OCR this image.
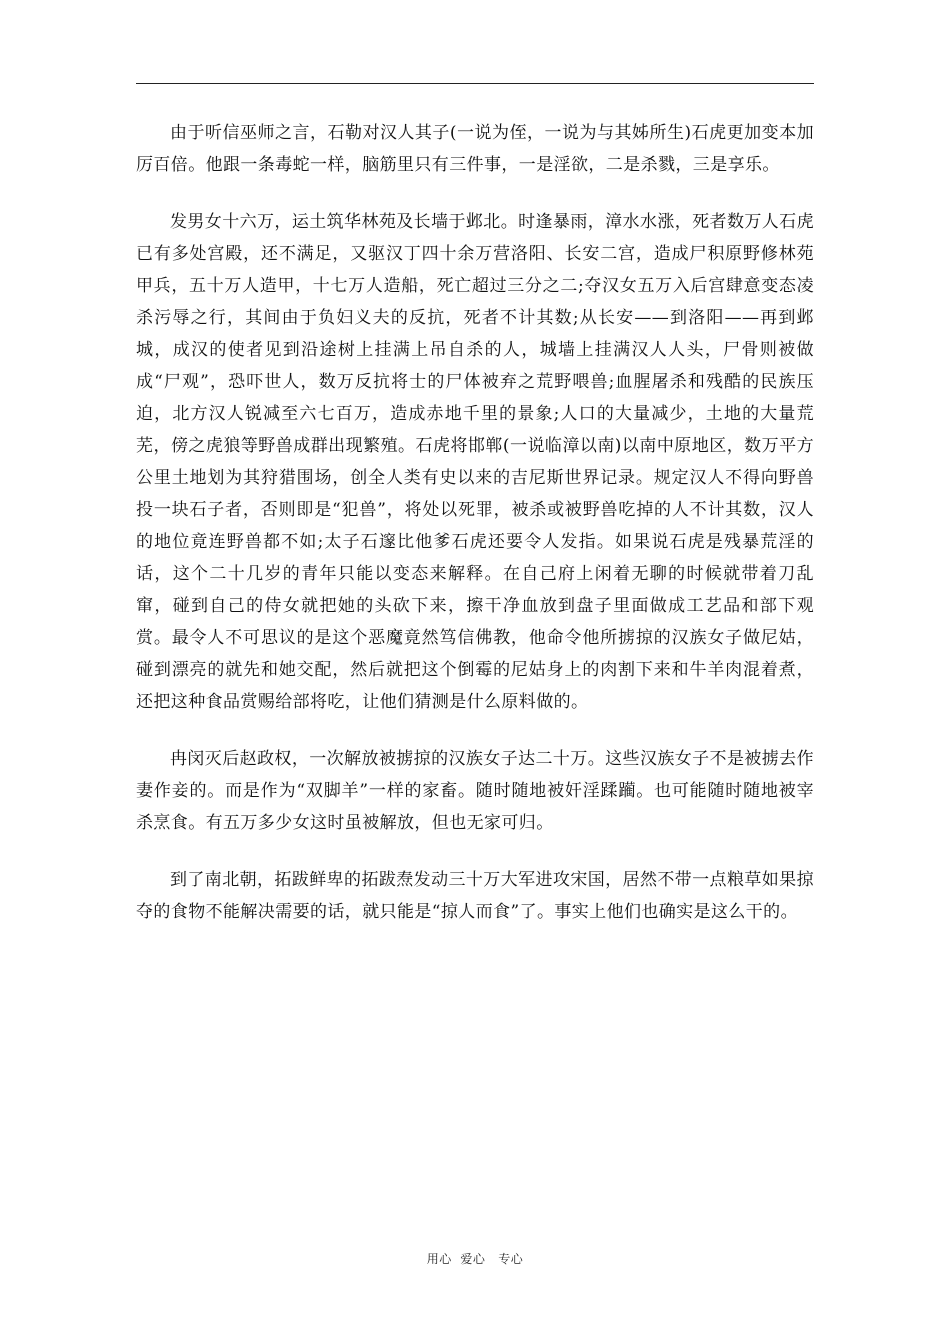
由于听信巫师之言，石勒对汉人其子(一说为侄，一说为与其姊所生)石虎更加变本加厉百倍。他跟一条毒蛇一样，脑筋里只有三件事，一是淫欲，二是杀戮，三是享乐。

发男女十六万，运土筑华林苑及长墙于邺北。时逢暴雨，漳水水涨，死者数万人石虎已有多处宫殿，还不满足，又驱汉丁四十余万营洛阳、长安二宫，造成尸积原野修林苑甲兵，五十万人造甲，十七万人造船，死亡超过三分之二;夺汉女五万入后宫肆意变态凌杀污辱之行，其间由于负妇义夫的反抗，死者不计其数;从长安——到洛阳——再到邺城，成汉的使者见到沿途树上挂满上吊自杀的人，城墙上挂满汉人人头，尸骨则被做成“尸观”，恐吓世人，数万反抗将士的尸体被弃之荒野喂兽;血腥屠杀和残酷的民族压迫，北方汉人锐减至六七百万，造成赤地千里的景象;人口的大量减少，土地的大量荒芜，傍之虎狼等野兽成群出现繁殖。石虎将邯郸(一说临漳以南)以南中原地区，数万平方公里土地划为其狩猎围场，创全人类有史以来的吉尼斯世界记录。规定汉人不得向野兽投一块石子者，否则即是“犯兽”，将处以死罪，被杀或被野兽吃掉的人不计其数，汉人的地位竟连野兽都不如;太子石邃比他爹石虎还要令人发指。如果说石虎是残暴荒淫的话，这个二十几岁的青年只能以变态来解释。在自己府上闲着无聊的时候就带着刀乱窜，碰到自己的侍女就把她的头砍下来，擦干净血放到盘子里面做成工艺品和部下观赏。最令人不可思议的是这个恶魔竟然笃信佛教，他命令他所掳掠的汉族女子做尼姑，碰到漂亮的就先和她交配，然后就把这个倒霉的尼姑身上的肉割下来和牛羊肉混着煮，还把这种食品赏赐给部将吃，让他们猜测是什么原料做的。

冉闵灭后赵政权，一次解放被掳掠的汉族女子达二十万。这些汉族女子不是被掳去作妻作妾的。而是作为“双脚羊”一样的家畜。随时随地被奸淫蹂躏。也可能随时随地被宰杀烹食。有五万多少女这时虽被解放，但也无家可归。

到了南北朝，拓跋鲜卑的拓跋焘发动三十万大军进攻宋国，居然不带一点粮草如果掠夺的食物不能解决需要的话，就只能是“掠人而食”了。事实上他们也确实是这么干的。

用心  爱心   专心
